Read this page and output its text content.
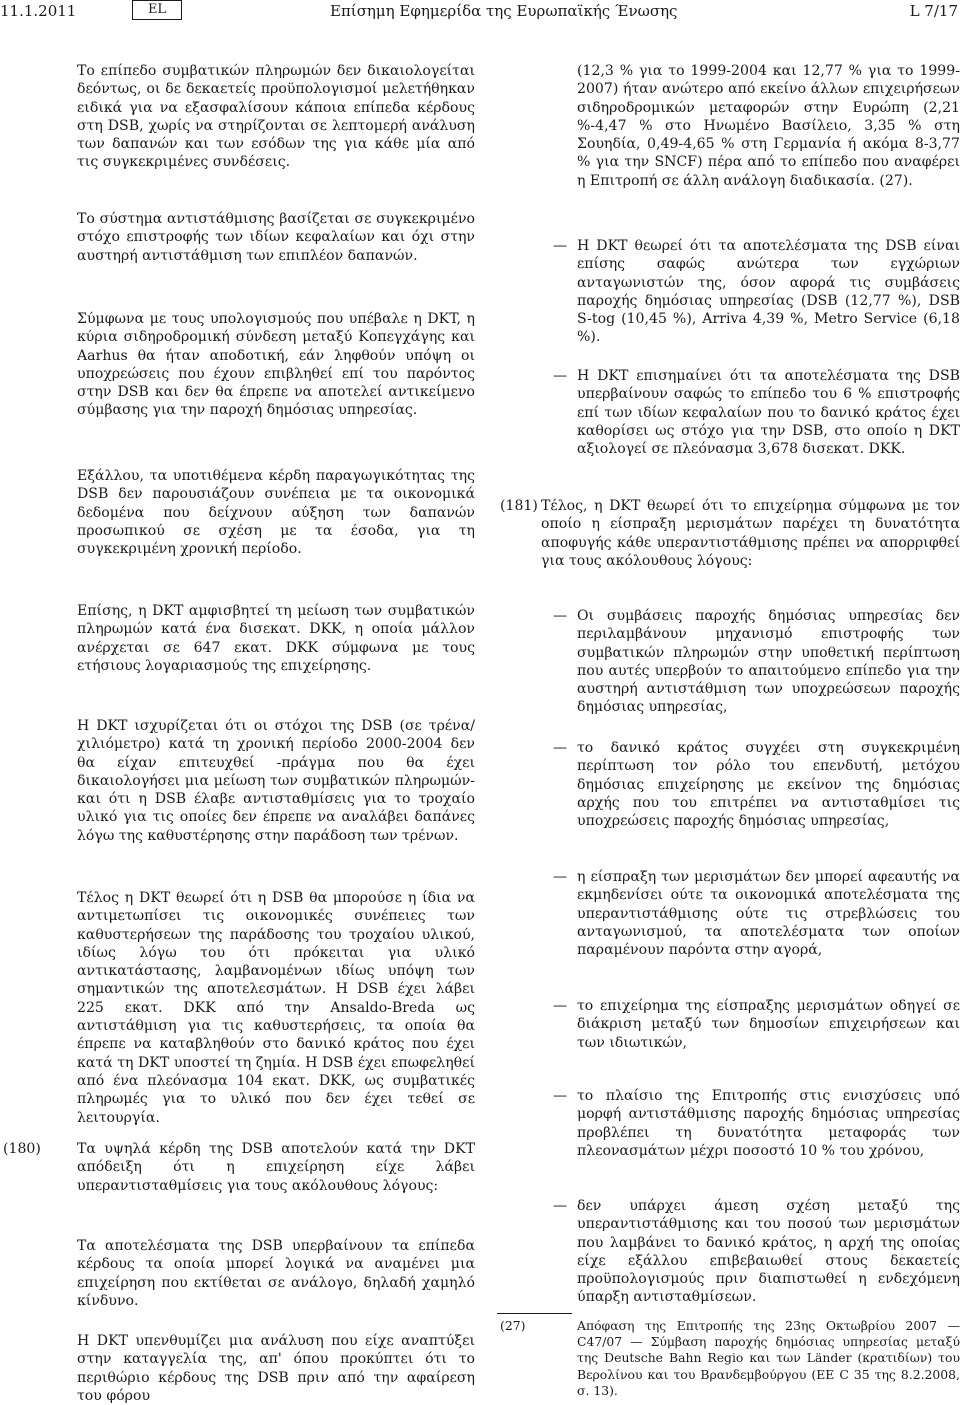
11.1.2011	EL	Επίσημη Εφημερίδα της Ευρωπαϊκής Ένωσης	L 7/17
Το επίπεδο συμβατικών πληρωμών δεν δικαιολογείται δεόντως, οι δε δεκαετείς προϋπολογισμοί μελετήθηκαν ειδικά για να εξασφαλίσουν κάποια επίπεδα κέρδους στη DSB, χωρίς να στηρίζονται σε λεπτομερή ανάλυση των δαπανών και των εσόδων της για κάθε μία από τις συγκεκριμένες συνδέσεις.
Το σύστημα αντιστάθμισης βασίζεται σε συγκεκριμένο στόχο επιστροφής των ιδίων κεφαλαίων και όχι στην αυστηρή αντιστάθμιση των επιπλέον δαπανών.
Σύμφωνα με τους υπολογισμούς που υπέβαλε η DKT, η κύρια σιδηροδρομική σύνδεση μεταξύ Κοπεγχάγης και Aarhus θα ήταν αποδοτική, εάν ληφθούν υπόψη οι υποχρεώσεις που έχουν επιβληθεί επί του παρόντος στην DSB και δεν θα έπρεπε να αποτελεί αντικείμενο σύμβασης για την παροχή δημόσιας υπηρεσίας.
Εξάλλου, τα υποτιθέμενα κέρδη παραγωγικότητας της DSB δεν παρουσιάζουν συνέπεια με τα οικονομικά δεδομένα που δείχνουν αύξηση των δαπανών προσωπικού σε σχέση με τα έσοδα, για τη συγκεκριμένη χρονική περίοδο.
Επίσης, η DKT αμφισβητεί τη μείωση των συμβατικών πληρωμών κατά ένα δισεκατ. DKK, η οποία μάλλον ανέρχεται σε 647 εκατ. DKK σύμφωνα με τους ετήσιους λογαριασμούς της επιχείρησης.
Η DKT ισχυρίζεται ότι οι στόχοι της DSB (σε τρένα/χιλιόμετρο) κατά τη χρονική περίοδο 2000-2004 δεν θα είχαν επιτευχθεί -πράγμα που θα έχει δικαιολογήσει μια μείωση των συμβατικών πληρωμών- και ότι η DSB έλαβε αντισταθμίσεις για το τροχαίο υλικό για τις οποίες δεν έπρεπε να αναλάβει δαπάνες λόγω της καθυστέρησης στην παράδοση των τρένων.
Τέλος η DKT θεωρεί ότι η DSB θα μπορούσε η ίδια να αντιμετωπίσει τις οικονομικές συνέπειες των καθυστερήσεων της παράδοσης του τροχαίου υλικού, ιδίως λόγω του ότι πρόκειται για υλικό αντικατάστασης, λαμβανομένων ιδίως υπόψη των σημαντικών της αποτελεσμάτων. Η DSB έχει λάβει 225 εκατ. DKK από την Ansaldo-Breda ως αντιστάθμιση για τις καθυστερήσεις, τα οποία θα έπρεπε να καταβληθούν στο δανικό κράτος που έχει κατά τη DKT υποστεί τη ζημία. Η DSB έχει επωφεληθεί από ένα πλεόνασμα 104 εκατ. DKK, ως συμβατικές πληρωμές για το υλικό που δεν έχει τεθεί σε λειτουργία.
(180)	Τα υψηλά κέρδη της DSB αποτελούν κατά την DKT απόδειξη ότι η επιχείρηση είχε λάβει υπεραντισταθμίσεις για τους ακόλουθους λόγους:
Τα αποτελέσματα της DSB υπερβαίνουν τα επίπεδα κέρδους τα οποία μπορεί λογικά να αναμένει μια επιχείρηση που εκτίθεται σε ανάλογο, δηλαδή χαμηλό κίνδυνο.
Η DKT υπενθυμίζει μια ανάλυση που είχε αναπτύξει στην καταγγελία της, απ' όπου προκύπτει ότι το περιθώριο κέρδους της DSB πριν από την αφαίρεση του φόρου
(12,3 % για το 1999-2004 και 12,77 % για το 1999-2007) ήταν ανώτερο από εκείνο άλλων επιχειρήσεων σιδηροδρομικών μεταφορών στην Ευρώπη (2,21 %-4,47 % στο Ηνωμένο Βασίλειο, 3,35 % στη Σουηδία, 0,49-4,65 % στη Γερμανία ή ακόμα 8-3,77 % για την SNCF) πέρα από το επίπεδο που αναφέρει η Επιτροπή σε άλλη ανάλογη διαδικασία. (27).
— Η DKT θεωρεί ότι τα αποτελέσματα της DSB είναι επίσης σαφώς ανώτερα των εγχώριων ανταγωνιστών της, όσον αφορά τις συμβάσεις παροχής δημόσιας υπηρεσίας (DSB (12,77 %), DSB S-tog (10,45 %), Arriva 4,39 %, Metro Service (6,18 %).
— Η DKT επισημαίνει ότι τα αποτελέσματα της DSB υπερβαίνουν σαφώς το επίπεδο του 6 % επιστροφής επί των ιδίων κεφαλαίων που το δανικό κράτος έχει καθορίσει ως στόχο για την DSB, στο οποίο η DKT αξιολογεί σε πλεόνασμα 3,678 δισεκατ. DKK.
(181) Τέλος, η DKT θεωρεί ότι το επιχείρημα σύμφωνα με τον οποίο η είσπραξη μερισμάτων παρέχει τη δυνατότητα αποφυγής κάθε υπεραντιστάθμισης πρέπει να απορριφθεί για τους ακόλουθους λόγους:
— Οι συμβάσεις παροχής δημόσιας υπηρεσίας δεν περιλαμβάνουν μηχανισμό επιστροφής των συμβατικών πληρωμών στην υποθετική περίπτωση που αυτές υπερβούν το απαιτούμενο επίπεδο για την αυστηρή αντιστάθμιση των υποχρεώσεων παροχής δημόσιας υπηρεσίας,
— το δανικό κράτος συγχέει στη συγκεκριμένη περίπτωση τον ρόλο του επενδυτή, μετόχου δημόσιας επιχείρησης με εκείνον της δημόσιας αρχής που του επιτρέπει να αντισταθμίσει τις υποχρεώσεις παροχής δημόσιας υπηρεσίας,
— η είσπραξη των μερισμάτων δεν μπορεί αφεαυτής να εκμηδενίσει ούτε τα οικονομικά αποτελέσματα της υπεραντιστάθμισης ούτε τις στρεβλώσεις του ανταγωνισμού, τα αποτελέσματα των οποίων παραμένουν παρόντα στην αγορά,
— το επιχείρημα της είσπραξης μερισμάτων οδηγεί σε διάκριση μεταξύ των δημοσίων επιχειρήσεων και των ιδιωτικών,
— το πλαίσιο της Επιτροπής στις ενισχύσεις υπό μορφή αντιστάθμισης παροχής δημόσιας υπηρεσίας προβλέπει τη δυνατότητα μεταφοράς των πλεονασμάτων μέχρι ποσοστό 10 % του χρόνου,
— δεν υπάρχει άμεση σχέση μεταξύ της υπεραντιστάθμισης και του ποσού των μερισμάτων που λαμβάνει το δανικό κράτος, η αρχή της οποίας είχε εξάλλου επιβεβαιωθεί στους δεκαετείς προϋπολογισμούς πριν διαπιστωθεί η ενδεχόμενη ύπαρξη αντισταθμίσεων.
(27)	Απόφαση της Επιτροπής της 23ης Οκτωβρίου 2007 — C47/07 — Σύμβαση παροχής δημόσιας υπηρεσίας μεταξύ της Deutsche Bahn Regio και των Länder (κρατιδίων) του Βερολίνου και του Βρανδεμβούργου (ΕΕ C 35 της 8.2.2008, σ. 13).
